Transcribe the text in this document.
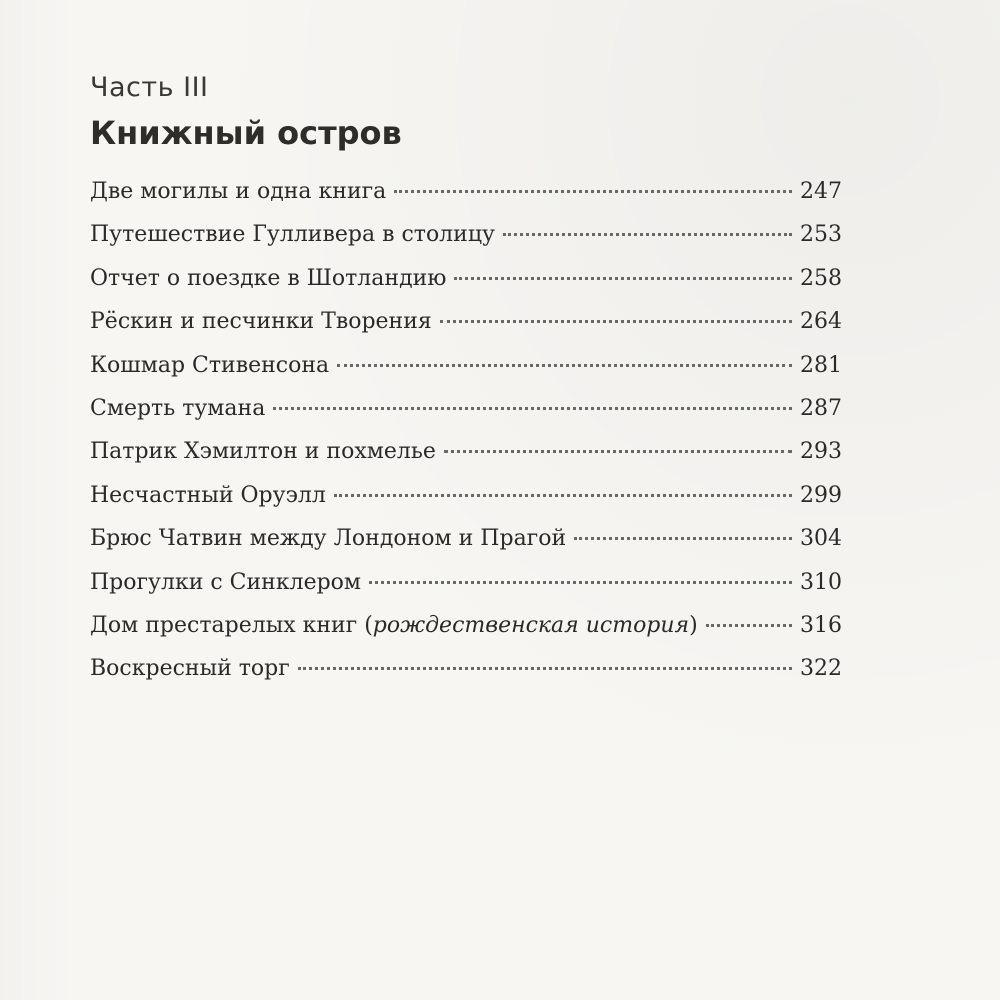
Часть III
Книжный остров
Две могилы и одна книга	247
Путешествие Гулливера в столицу	253
Отчет о поездке в Шотландию	258
Рёскин и песчинки Творения	264
Кошмар Стивенсона	281
Смерть тумана	287
Патрик Хэмилтон и похмелье	293
Несчастный Оруэлл	299
Брюс Чатвин между Лондоном и Прагой	304
Прогулки с Синклером	310
Дом престарелых книг (рождественская история)	316
Воскресный торг	322
